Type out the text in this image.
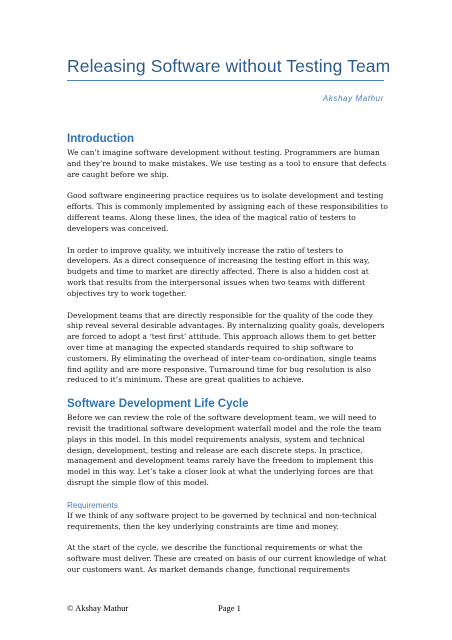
Releasing Software without Testing Team
Akshay Mathur
Introduction

We can’t imagine software development without testing. Programmers are human and they’re bound to make mistakes. We use testing as a tool to ensure that defects are caught before we ship.

Good software engineering practice requires us to isolate development and testing efforts. This is commonly implemented by assigning each of these responsibilities to different teams. Along these lines, the idea of the magical ratio of testers to developers was conceived.

In order to improve quality, we intuitively increase the ratio of testers to developers. As a direct consequence of increasing the testing effort in this way, budgets and time to market are directly affected. There is also a hidden cost at work that results from the interpersonal issues when two teams with different objectives try to work together.

Development teams that are directly responsible for the quality of the code they ship reveal several desirable advantages. By internalizing quality goals, developers are forced to adopt a ‘test first’ attitude. This approach allows them to get better over time at managing the expected standards required to ship software to customers. By eliminating the overhead of inter-team co-ordination, single teams find agility and are more responsive. Turnaround time for bug resolution is also reduced to it’s minimum. These are great qualities to achieve.

Software Development Life Cycle

Before we can review the role of the software development team, we will need to revisit the traditional software development waterfall model and the role the team plays in this model. In this model requirements analysis, system and technical design, development, testing and release are each discrete steps. In practice, management and development teams rarely have the freedom to implement this model in this way. Let’s take a closer look at what the underlying forces are that disrupt the simple flow of this model.

Requirements

If we think of any software project to be governed by technical and non-technical requirements, then the key underlying constraints are time and money.

At the start of the cycle, we describe the functional requirements or what the software must deliver. These are created on basis of our current knowledge of what our customers want. As market demands change, functional requirements

© Akshay Mathur	Page 1
